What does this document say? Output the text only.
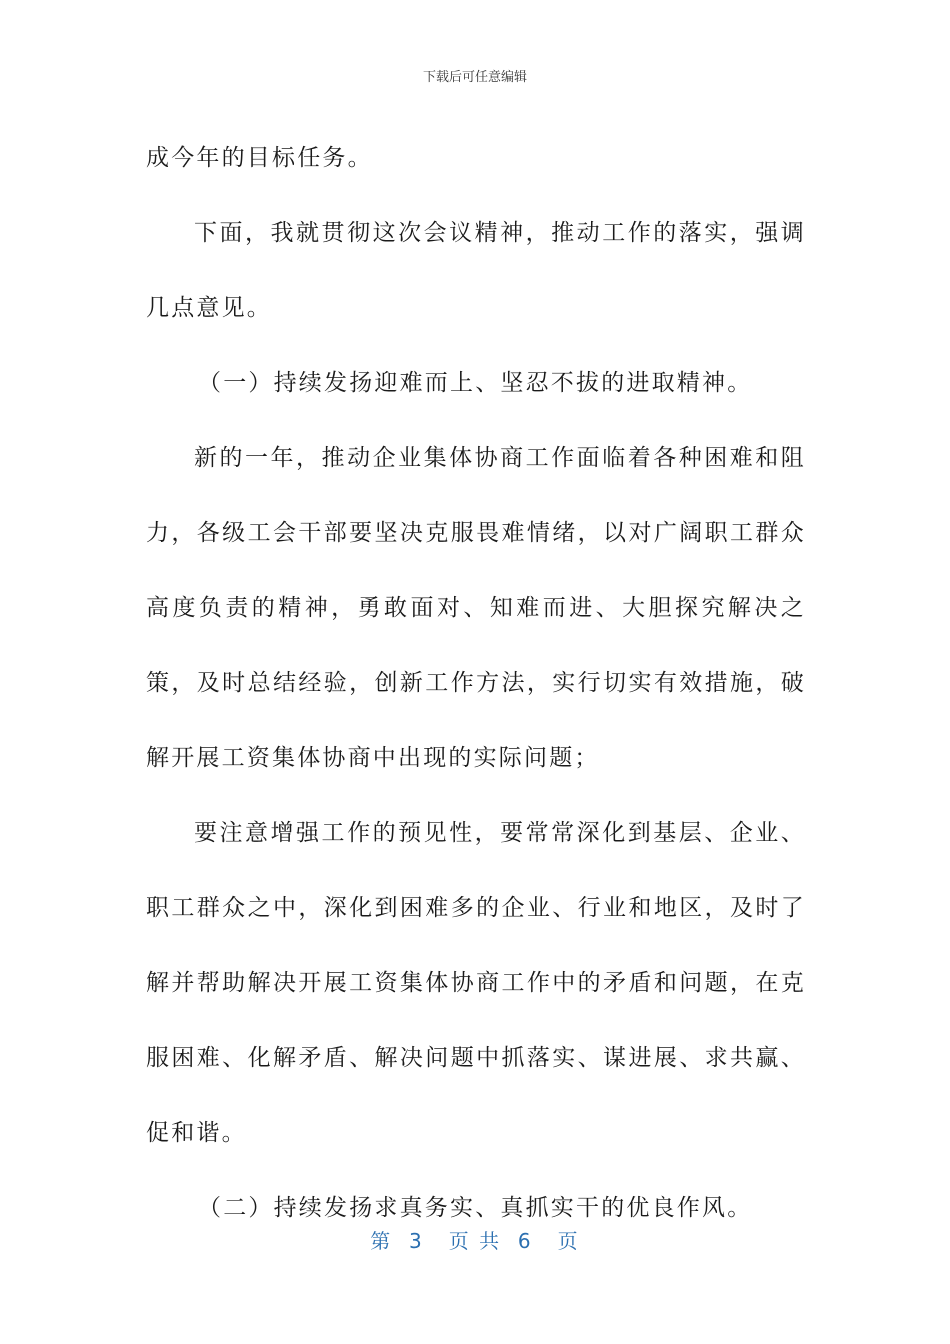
下载后可任意编辑

成今年的目标任务。

下面，我就贯彻这次会议精神，推动工作的落实，强调几点意见。

（一）持续发扬迎难而上、坚忍不拔的进取精神。

新的一年，推动企业集体协商工作面临着各种困难和阻力，各级工会干部要坚决克服畏难情绪，以对广阔职工群众高度负责的精神，勇敢面对、知难而进、大胆探究解决之策，及时总结经验，创新工作方法，实行切实有效措施，破解开展工资集体协商中出现的实际问题；

要注意增强工作的预见性，要常常深化到基层、企业、职工群众之中，深化到困难多的企业、行业和地区，及时了解并帮助解决开展工资集体协商工作中的矛盾和问题，在克服困难、化解矛盾、解决问题中抓落实、谋进展、求共赢、促和谐。

（二）持续发扬求真务实、真抓实干的优良作风。

第  3   页 共  6   页
